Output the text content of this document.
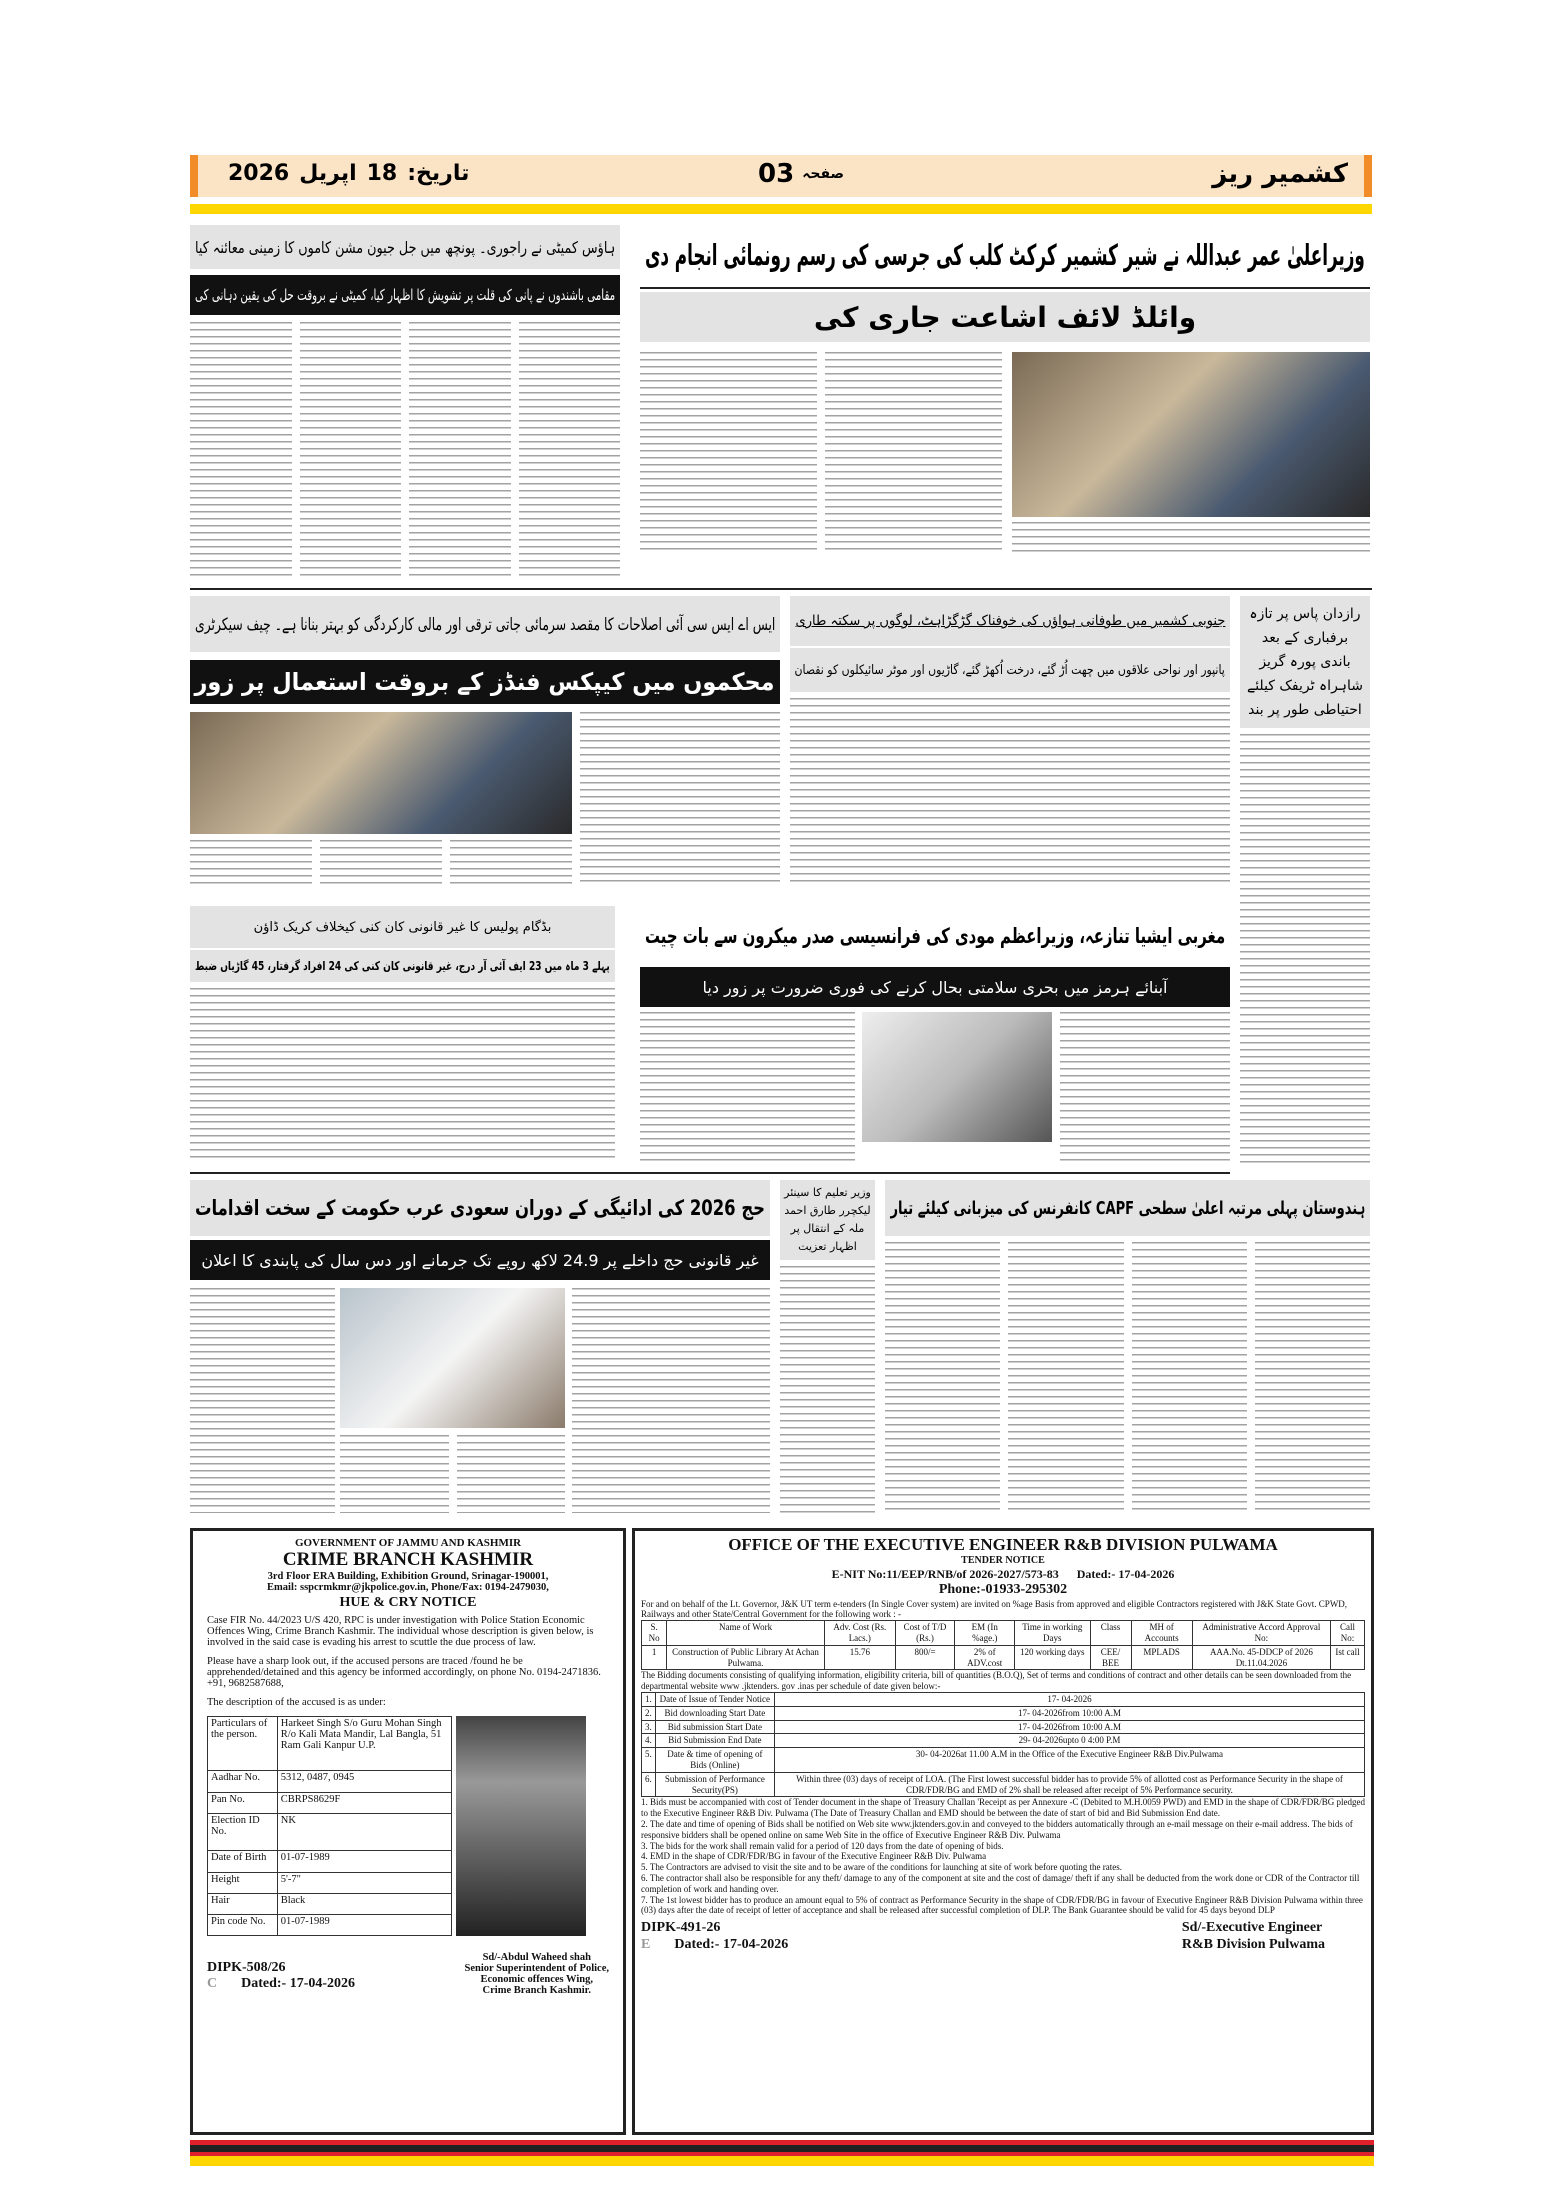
کشمیر ریز
03 صفحہ
تاریخ:
18
اپریل
2026
وزیراعلیٰ عمر عبداللہ نے شیر کشمیر کرکٹ کلب کی جرسی کی رسم رونمائی انجام دی
وائلڈ لائف اشاعت جاری کی
ہاؤس کمیٹی نے راجوری۔ پونچھ میں جل جیون مشن کاموں کا زمینی معائنہ کیا
مقامی باشندوں نے پانی کی قلت پر تشویش کا اظہار کیا، کمیٹی نے بروقت حل کی یقین دہانی کی
ایس اے ایس سی آئی اصلاحات کا مقصد سرمائی جاتی ترقی اور مالی کارکردگی کو بہتر بنانا ہے۔ چیف سیکرٹری
محکموں میں کیپکس فنڈز کے بروقت استعمال پر زور
جنوبی کشمیر میں طوفانی ہواؤں کی خوفناک گڑگڑاہٹ، لوگوں پر سکتہ طاری
پانپور اور نواحی علاقوں میں چھت اُڑ گئے، درخت اُکھڑ گئے، گاڑیوں اور موٹر سائیکلوں کو نقصان
رازدان پاس پر تازہ برفباری کے بعد باندی پورہ گریز شاہراہ ٹریفک کیلئے احتیاطی طور پر بند
بڈگام پولیس کا غیر قانونی کان کنی کیخلاف کریک ڈاؤن
پہلے 3 ماہ میں 23 ایف آئی آر درج، غیر قانونی کان کنی کی 24 افراد گرفتار، 45 گاڑیاں ضبط
مغربی ایشیا تنازعہ، وزیراعظم مودی کی فرانسیسی صدر میکرون سے بات چیت
آبنائے ہرمز میں بحری سلامتی بحال کرنے کی فوری ضرورت پر زور دیا
حج 2026 کی ادائیگی کے دوران سعودی عرب حکومت کے سخت اقدامات
غیر قانونی حج داخلے پر 24.9 لاکھ روپے تک جرمانے اور دس سال کی پابندی کا اعلان
وزیر تعلیم کا سینئر لیکچرر طارق احمد ملہ کے انتقال پر اظہار تعزیت
ہندوستان پہلی مرتبہ اعلیٰ سطحی CAPF کانفرنس کی میزبانی کیلئے تیار
GOVERNMENT OF JAMMU AND KASHMIR
CRIME BRANCH KASHMIR
3rd Floor ERA Building, Exhibition Ground, Srinagar-190001,
Email: sspcrmkmr@jkpolice.gov.in, Phone/Fax: 0194-2479030,
HUE & CRY NOTICE

Case FIR No. 44/2023 U/S 420, RPC is under investigation with Police Station Economic Offences Wing, Crime Branch Kashmir. The individual whose description is given below, is involved in the said case is evading his arrest to scuttle the due process of law.

Please have a sharp look out, if the accused persons are traced /found he be apprehended/detained and this agency be informed accordingly, on phone No. 0194-2471836. +91, 9682587688,

The description of the accused is as under:

Particulars of the person.	Harkeet Singh S/o Guru Mohan Singh R/o Kali Mata Mandir, Lal Bangla, 51 Ram Gali Kanpur U.P.
Aadhar No.	5312, 0487, 0945
Pan No.	CBRPS8629F
Election ID No.	NK
Date of Birth	01-07-1989
Height	5'-7"
Hair	Black
Pin code No.	01-07-1989
DIPK-508/26
C Dated:- 17-04-2026
Sd/-Abdul Waheed shah
Senior Superintendent of Police,
Economic offences Wing,
Crime Branch Kashmir.
OFFICE OF THE EXECUTIVE ENGINEER R&B DIVISION PULWAMA
TENDER NOTICE
E-NIT No:11/EEP/RNB/of 2026-2027/573-83 Dated:- 17-04-2026
Phone:-01933-295302

For and on behalf of the Lt. Governor, J&K UT term e-tenders (In Single Cover system) are invited on %age Basis from approved and eligible Contractors registered with J&K State Govt. CPWD, Railways and other State/Central Government for the following work : -

S. No	Name of Work	Adv. Cost (Rs. Lacs.)	Cost of T/D (Rs.)	EM (In %age.)	Time in working Days	Class	MH of Accounts	Administrative Accord Approval No:	Call No:
1	Construction of Public Library At Achan Pulwama.	15.76	800/=	2% of ADV.cost	120 working days	CEE/ BEE	MPLADS	AAA.No. 45-DDCP of 2026 Dt.11.04.2026	Ist call

The Bidding documents consisting of qualifying information, eligibility criteria, bill of quantities (B.O.Q), Set of terms and conditions of contract and other details can be seen downloaded from the departmental website www .jktenders. gov .inas per schedule of date given below:-

1.	Date of Issue of Tender Notice	17- 04-2026
2.	Bid downloading Start Date	17- 04-2026from 10:00 A.M
3.	Bid submission Start Date	17- 04-2026from 10:00 A.M
4.	Bid Submission End Date	29- 04-2026upto 0 4:00 P.M
5.	Date & time of opening of Bids (Online)	30- 04-2026at 11.00 A.M in the Office of the Executive Engineer R&B Div.Pulwama
6.	Submission of Performance Security(PS)	Within three (03) days of receipt of LOA. (The First lowest successful bidder has to provide 5% of allotted cost as Performance Security in the shape of CDR/FDR/BG and EMD of 2% shall be released after receipt of 5% Performance security.
1. Bids must be accompanied with cost of Tender document in the shape of Treasury Challan 'Receipt as per Annexure -C (Debited to M.H.0059 PWD) and EMD in the shape of CDR/FDR/BG pledged to the Executive Engineer R&B Div. Pulwama (The Date of Treasury Challan and EMD should be between the date of start of bid and Bid Submission End date.
2. The date and time of opening of Bids shall be notified on Web site www.jktenders.gov.in and conveyed to the bidders automatically through an e-mail message on their e-mail address. The bids of responsive bidders shall be opened online on same Web Site in the office of Executive Engineer R&B Div. Pulwama
3. The bids for the work shall remain valid for a period of 120 days from the date of opening of bids.
4. EMD in the shape of CDR/FDR/BG in favour of the Executive Engineer R&B Div. Pulwama
5. The Contractors are advised to visit the site and to be aware of the conditions for launching at site of work before quoting the rates.
6. The contractor shall also be responsible for any theft/ damage to any of the component at site and the cost of damage/ theft if any shall be deducted from the work done or CDR of the Contractor till completion of work and handing over.
7. The 1st lowest bidder has to produce an amount equal to 5% of contract as Performance Security in the shape of CDR/FDR/BG in favour of Executive Engineer R&B Division Pulwama within three (03) days after the date of receipt of letter of acceptance and shall be released after successful completion of DLP. The Bank Guarantee should be valid for 45 days beyond DLP
DIPK-491-26
E Dated:- 17-04-2026
Sd/-Executive Engineer
R&B Division Pulwama
